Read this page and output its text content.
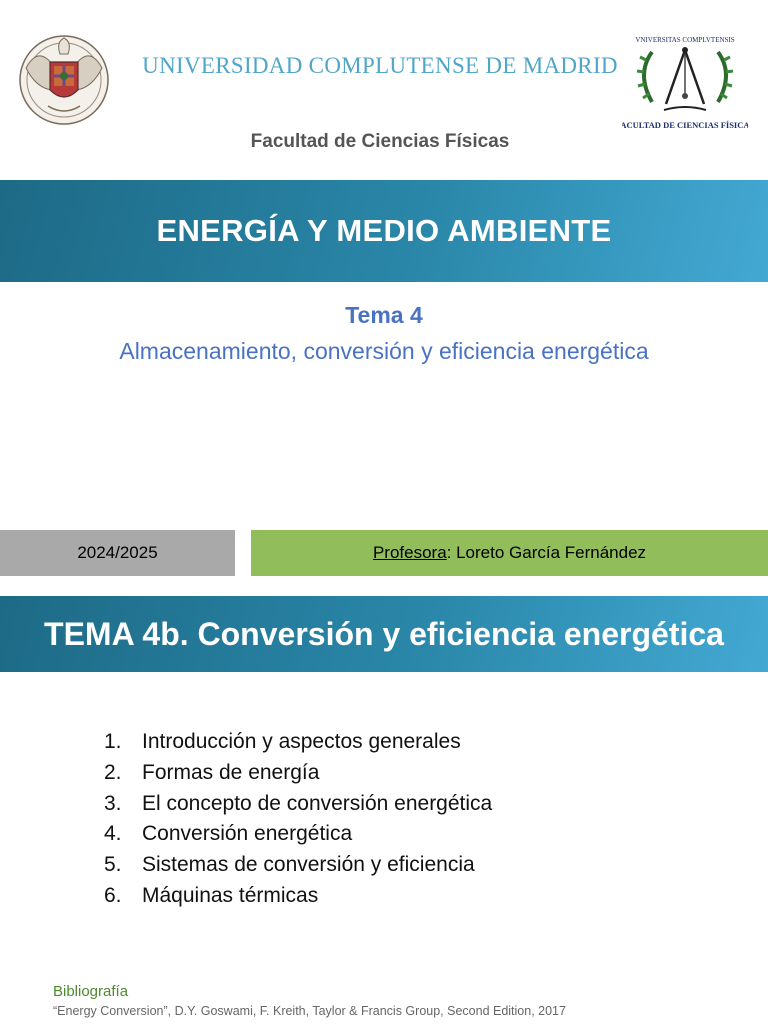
VNIVERSITAS COMPLVTENSIS
FACULTAD DE CIENCIAS FÍSICAS
UNIVERSIDAD COMPLUTENSE DE MADRID
Facultad de Ciencias Físicas
ENERGÍA Y MEDIO AMBIENTE
Tema 4
Almacenamiento, conversión y eficiencia energética
2024/2025	Profesora: Loreto García Fernández
TEMA 4b. Conversión y eficiencia energética
1. Introducción y aspectos generales
2. Formas de energía
3. El concepto de conversión energética
4. Conversión energética
5. Sistemas de conversión y eficiencia
6. Máquinas térmicas
Bibliografía
“Energy Conversion”, D.Y. Goswami, F. Kreith, Taylor & Francis Group, Second Edition, 2017
